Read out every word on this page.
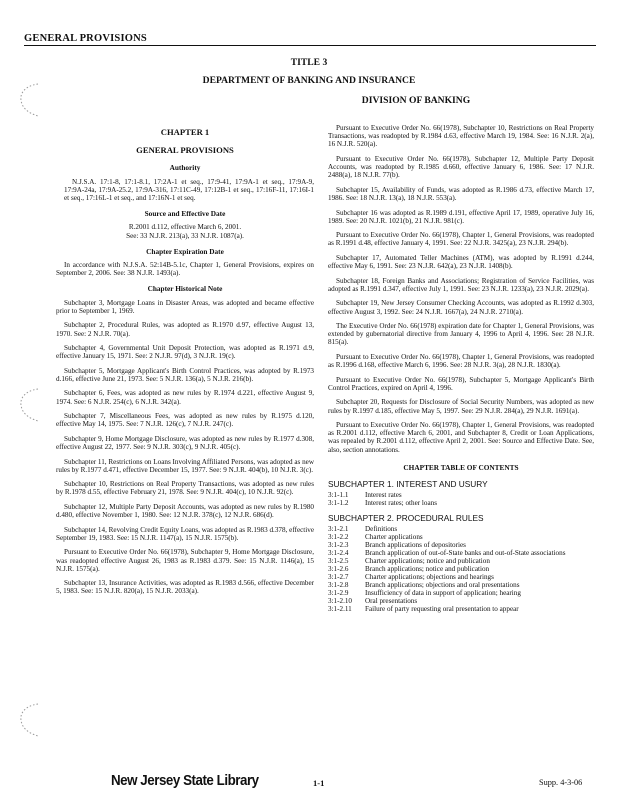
GENERAL PROVISIONS
TITLE 3
DEPARTMENT OF BANKING AND INSURANCE
DIVISION OF BANKING
CHAPTER 1
GENERAL PROVISIONS
Authority

N.J.S.A. 17:1-8, 17:1-8.1, 17:2A-1 et seq., 17:9-41, 17:9A-1 et seq., 17:9A-9, 17:9A-24a, 17:9A-25.2, 17:9A-316, 17:11C-49, 17:12B-1 et seq., 17:16F-11, 17:16I-1 et seq., 17:16L-1 et seq., and 17:16N-1 et seq.

Source and Effective Date
R.2001 d.112, effective March 6, 2001.
See: 33 N.J.R. 213(a), 33 N.J.R. 1087(a).
Chapter Expiration Date

In accordance with N.J.S.A. 52:14B-5.1c, Chapter 1, General Provisions, expires on September 2, 2006. See: 38 N.J.R. 1493(a).

Chapter Historical Note

Subchapter 3, Mortgage Loans in Disaster Areas, was adopted and became effective prior to September 1, 1969.

Subchapter 2, Procedural Rules, was adopted as R.1970 d.97, effective August 13, 1970. See: 2 N.J.R. 70(a).

Subchapter 4, Governmental Unit Deposit Protection, was adopted as R.1971 d.9, effective January 15, 1971. See: 2 N.J.R. 97(d), 3 N.J.R. 19(c).

Subchapter 5, Mortgage Applicant's Birth Control Practices, was adopted by R.1973 d.166, effective June 21, 1973. See: 5 N.J.R. 136(a), 5 N.J.R. 216(b).

Subchapter 6, Fees, was adopted as new rules by R.1974 d.221, effective August 9, 1974. See: 6 N.J.R. 254(c), 6 N.J.R. 342(a).

Subchapter 7, Miscellaneous Fees, was adopted as new rules by R.1975 d.120, effective May 14, 1975. See: 7 N.J.R. 126(c), 7 N.J.R. 247(c).

Subchapter 9, Home Mortgage Disclosure, was adopted as new rules by R.1977 d.308, effective August 22, 1977. See: 9 N.J.R. 303(c), 9 N.J.R. 405(c).

Subchapter 11, Restrictions on Loans Involving Affiliated Persons, was adopted as new rules by R.1977 d.471, effective December 15, 1977. See: 9 N.J.R. 404(b), 10 N.J.R. 3(c).

Subchapter 10, Restrictions on Real Property Transactions, was adopted as new rules by R.1978 d.55, effective February 21, 1978. See: 9 N.J.R. 404(c), 10 N.J.R. 92(c).

Subchapter 12, Multiple Party Deposit Accounts, was adopted as new rules by R.1980 d.480, effective November 1, 1980. See: 12 N.J.R. 378(c), 12 N.J.R. 686(d).

Subchapter 14, Revolving Credit Equity Loans, was adopted as R.1983 d.378, effective September 19, 1983. See: 15 N.J.R. 1147(a), 15 N.J.R. 1575(b).

Pursuant to Executive Order No. 66(1978), Subchapter 9, Home Mortgage Disclosure, was readopted effective August 26, 1983 as R.1983 d.379. See: 15 N.J.R. 1146(a), 15 N.J.R. 1575(a).

Subchapter 13, Insurance Activities, was adopted as R.1983 d.566, effective December 5, 1983. See: 15 N.J.R. 820(a), 15 N.J.R. 2033(a).

Pursuant to Executive Order No. 66(1978), Subchapter 10, Restrictions on Real Property Transactions, was readopted by R.1984 d.63, effective March 19, 1984. See: 16 N.J.R. 2(a), 16 N.J.R. 520(a).

Pursuant to Executive Order No. 66(1978), Subchapter 12, Multiple Party Deposit Accounts, was readopted by R.1985 d.660, effective January 6, 1986. See: 17 N.J.R. 2488(a), 18 N.J.R. 77(b).

Subchapter 15, Availability of Funds, was adopted as R.1986 d.73, effective March 17, 1986. See: 18 N.J.R. 13(a), 18 N.J.R. 553(a).

Subchapter 16 was adopted as R.1989 d.191, effective April 17, 1989, operative July 16, 1989. See: 20 N.J.R. 1021(b), 21 N.J.R. 981(c).

Pursuant to Executive Order No. 66(1978), Chapter 1, General Provisions, was readopted as R.1991 d.48, effective January 4, 1991. See: 22 N.J.R. 3425(a), 23 N.J.R. 294(b).

Subchapter 17, Automated Teller Machines (ATM), was adopted by R.1991 d.244, effective May 6, 1991. See: 23 N.J.R. 642(a), 23 N.J.R. 1408(b).

Subchapter 18, Foreign Banks and Associations; Registration of Service Facilities, was adopted as R.1991 d.347, effective July 1, 1991. See: 23 N.J.R. 1233(a), 23 N.J.R. 2029(a).

Subchapter 19, New Jersey Consumer Checking Accounts, was adopted as R.1992 d.303, effective August 3, 1992. See: 24 N.J.R. 1667(a), 24 N.J.R. 2710(a).

The Executive Order No. 66(1978) expiration date for Chapter 1, General Provisions, was extended by gubernatorial directive from January 4, 1996 to April 4, 1996. See: 28 N.J.R. 815(a).

Pursuant to Executive Order No. 66(1978), Chapter 1, General Provisions, was readopted as R.1996 d.168, effective March 6, 1996. See: 28 N.J.R. 3(a), 28 N.J.R. 1830(a).

Pursuant to Executive Order No. 66(1978), Subchapter 5, Mortgage Applicant's Birth Control Practices, expired on April 4, 1996.

Subchapter 20, Requests for Disclosure of Social Security Numbers, was adopted as new rules by R.1997 d.185, effective May 5, 1997. See: 29 N.J.R. 284(a), 29 N.J.R. 1691(a).

Pursuant to Executive Order No. 66(1978), Chapter 1, General Provisions, was readopted as R.2001 d.112, effective March 6, 2001, and Subchapter 8, Credit or Loan Applications, was repealed by R.2001 d.112, effective April 2, 2001. See: Source and Effective Date. See, also, section annotations.

CHAPTER TABLE OF CONTENTS
SUBCHAPTER 1. INTEREST AND USURY
3:1-1.1	Interest rates
3:1-1.2	Interest rates; other loans
SUBCHAPTER 2. PROCEDURAL RULES
3:1-2.1	Definitions
3:1-2.2	Charter applications
3:1-2.3	Branch applications of depositories
3:1-2.4	Branch application of out-of-State banks and out-of-State associations
3:1-2.5	Charter applications; notice and publication
3:1-2.6	Branch applications; notice and publication
3:1-2.7	Charter applications; objections and hearings
3:1-2.8	Branch applications; objections and oral presentations
3:1-2.9	Insufficiency of data in support of application; hearing
3:1-2.10	Oral presentations
3:1-2.11	Failure of party requesting oral presentation to appear
New Jersey State Library	1-1	Supp. 4-3-06
